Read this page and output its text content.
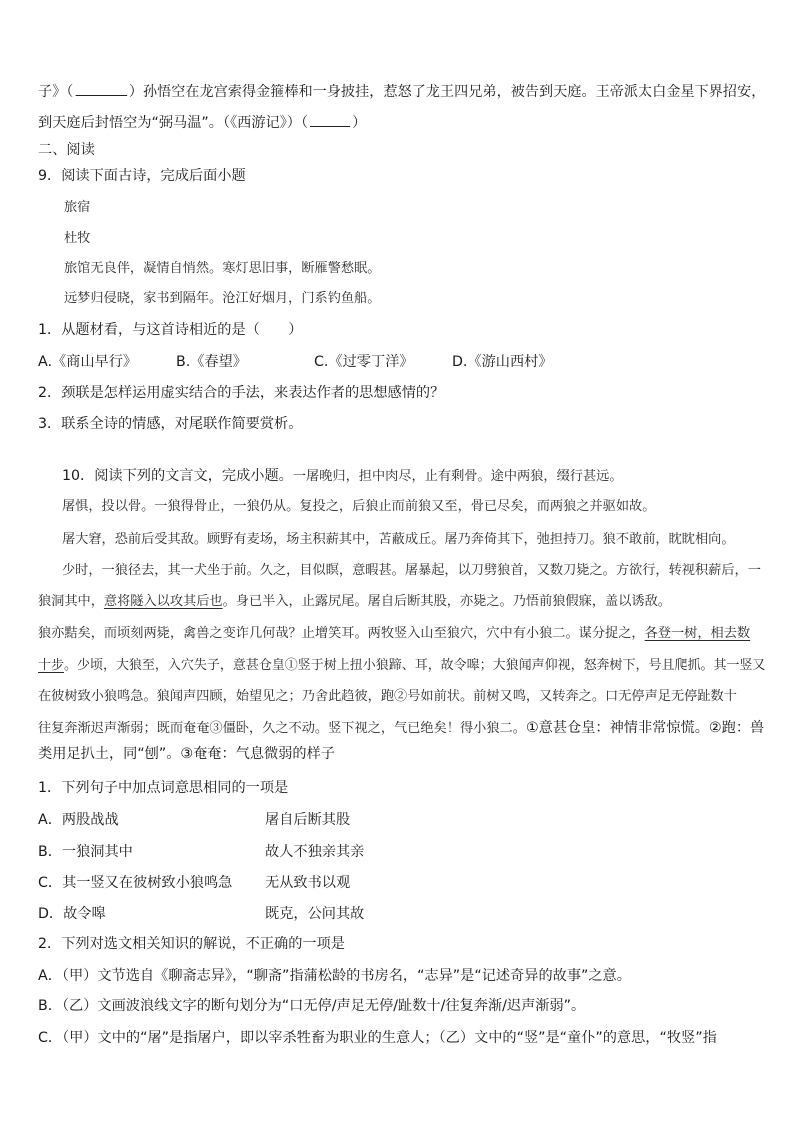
子》（	）孙悟空在龙宫索得金箍棒和一身披挂，惹怒了龙王四兄弟，被告到天庭。王帝派太白金星下界招安，
到天庭后封悟空为“弼马温”。（《西游记》）（	）
二、阅读
9．阅读下面古诗，完成后面小题
旅宿
杜牧
旅馆无良伴，凝情自悄然。寒灯思旧事，断雁警愁眠。
远梦归侵晓，家书到隔年。沧江好烟月，门系钓鱼船。
1．从题材看，与这首诗相近的是（　　）
A.《商山早行》	B.《春望》	C.《过零丁洋》	D.《游山西村》
2．颈联是怎样运用虚实结合的手法，来表达作者的思想感情的？
3．联系全诗的情感，对尾联作简要赏析。
10．阅读下列的文言文，完成小题。一屠晚归，担中肉尽，止有剩骨。途中两狼，缀行甚远。
屠惧，投以骨。一狼得骨止，一狼仍从。复投之，后狼止而前狼又至，骨已尽矣，而两狼之并驱如故。
屠大窘，恐前后受其敌。顾野有麦场，场主积薪其中，苫蔽成丘。屠乃奔倚其下，弛担持刀。狼不敢前，眈眈相向。
少时，一狼径去，其一犬坐于前。久之，目似瞑，意暇甚。屠暴起，以刀劈狼首，又数刀毙之。方欲行，转视积薪后，一
狼洞其中，意将隧入以攻其后也。身已半入，止露尻尾。屠自后断其股，亦毙之。乃悟前狼假寐，盖以诱敌。
狼亦黠矣，而顷刻两毙，禽兽之变诈几何哉？止增笑耳。两牧竖入山至狼穴，穴中有小狼二。谋分捉之，各登一树，相去数
十步。少顷，大狼至，入穴失子，意甚仓皇①竖于树上扭小狼蹄、耳，故令嗥；大狼闻声仰视，怒奔树下，号且爬抓。其一竖又
在彼树致小狼鸣急。狼闻声四顾，始望见之；乃舍此趋彼，跑②号如前状。前树又鸣，又转奔之。口无停声足无停趾数十
往复奔渐迟声渐弱；既而奄奄③僵卧，久之不动。竖下视之，气已绝矣！得小狼二。①意甚仓皇：神情非常惊慌。②跑：兽
类用足扒土，同“刨”。③奄奄：气息微弱的样子
1．下列句子中加点词意思相同的一项是
A．两股战战	屠自后断其股
B．一狼洞其中	故人不独亲其亲
C．其一竖又在彼树致小狼鸣急 无从致书以观
D．故令嗥	既克，公问其故
2．下列对选文相关知识的解说，不正确的一项是
A．（甲）文节选自《聊斋志异》，“聊斋”指蒲松龄的书房名，“志异”是“记述奇异的故事”之意。
B．（乙）文画波浪线文字的断句划分为“口无停/声足无停/趾数十/往复奔渐/迟声渐弱”。
C．（甲）文中的“屠”是指屠户，即以宰杀牲畜为职业的生意人；（乙）文中的“竖”是“童仆”的意思，“牧竖”指
